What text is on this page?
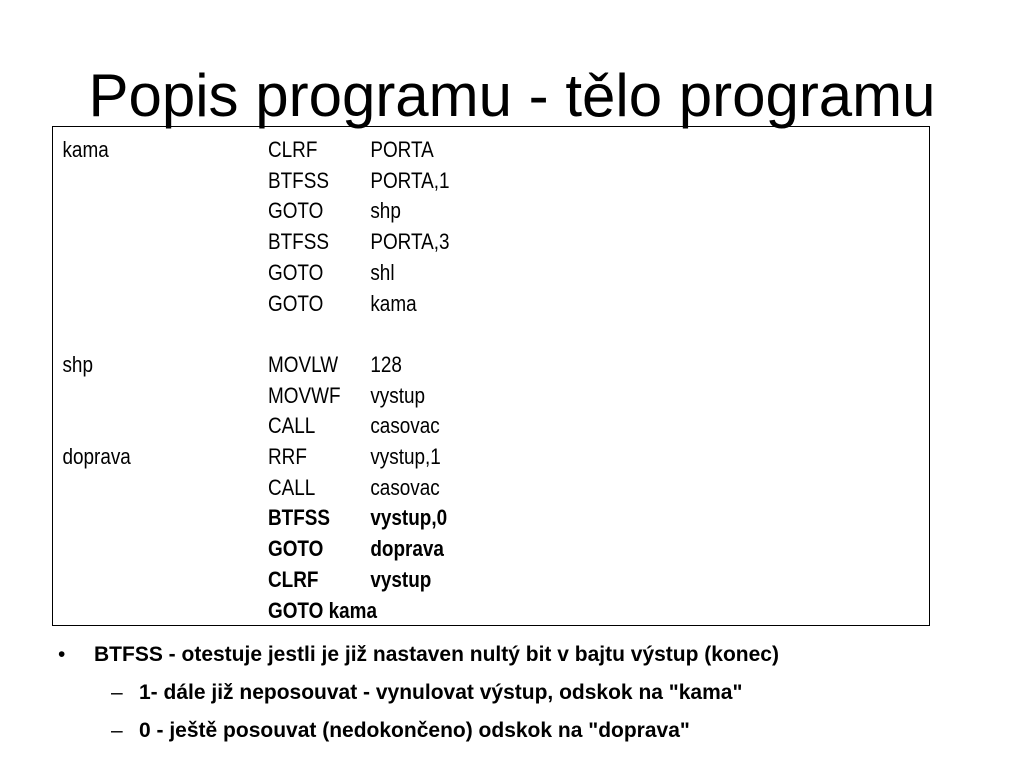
Popis programu - tělo programu
kama	CLRF PORTA
BTFSS PORTA,1
GOTO shp
BTFSS PORTA,3
GOTO shl
GOTO kama
shp	MOVLW 128
MOVWF vystup
CALL casovac
doprava	RRF	vystup,1
CALL casovac
BTFSS vystup,0
GOTO doprava
CLRF vystup
GOTO kama
• BTFSS - otestuje jestli je již nastaven nultý bit v bajtu výstup (konec)
– 1- dále již neposouvat - vynulovat výstup, odskok na "kama"
– 0 - ještě posouvat (nedokončeno) odskok na "doprava"
